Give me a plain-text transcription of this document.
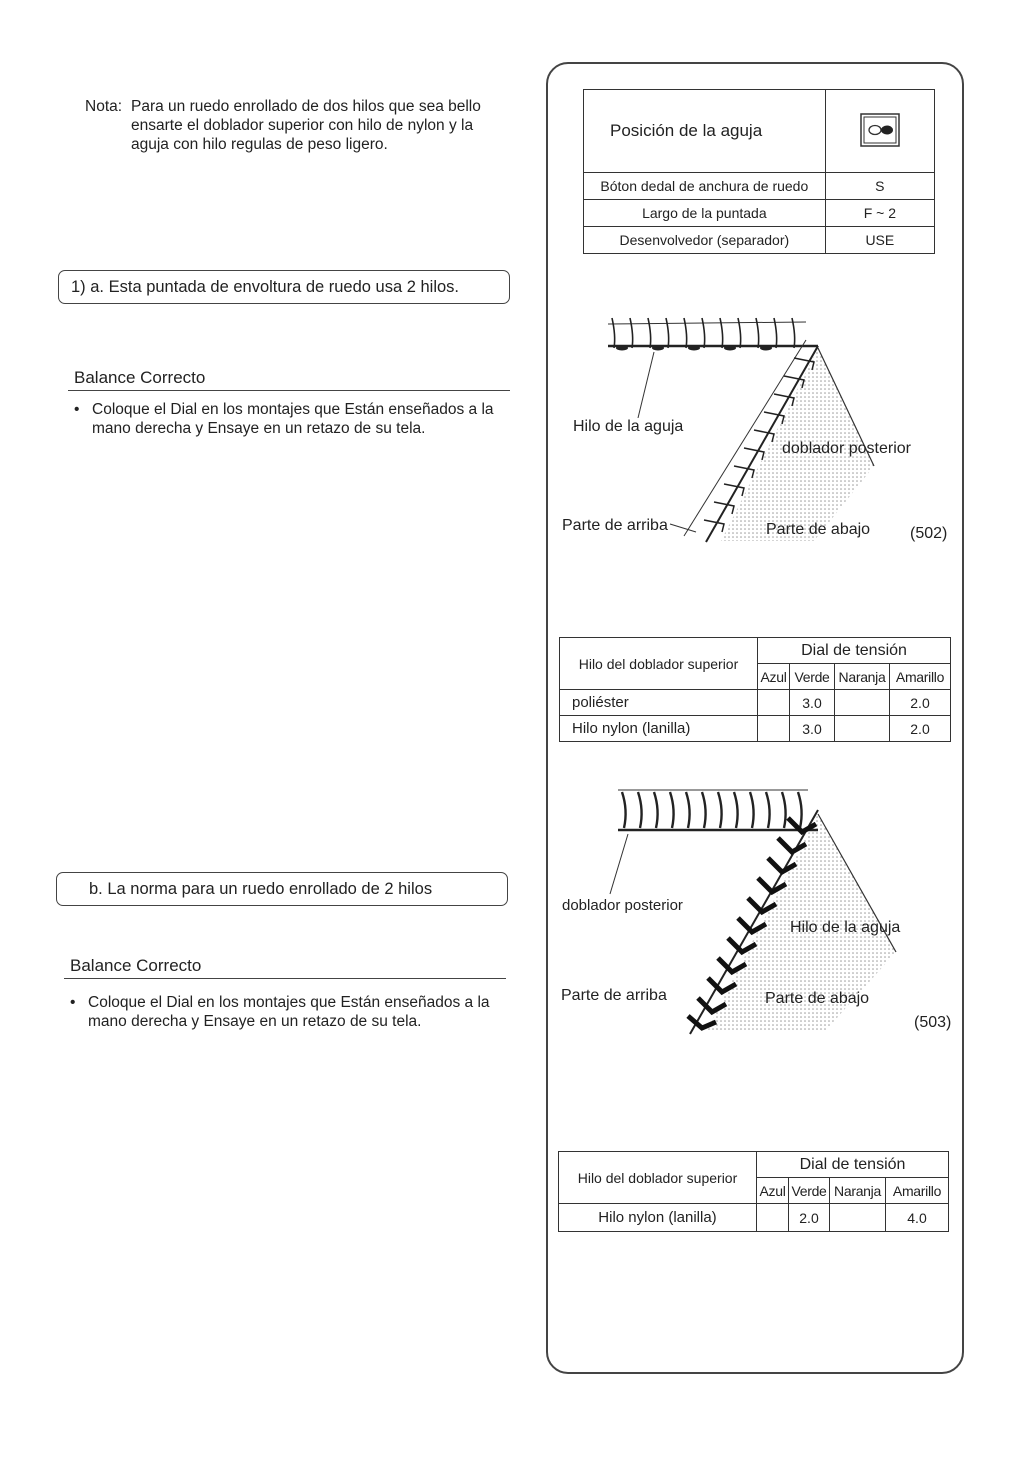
Nota: Para un ruedo enrollado de dos hilos que sea bello
ensarte el doblador superior con hilo de nylon y la
aguja con hilo regulas de peso ligero.
1) a. Esta puntada de envoltura de ruedo usa 2 hilos.
Balance Correcto
• Coloque el Dial en los montajes que Están enseñados a la
mano derecha y Ensaye en un retazo de su tela.
b. La norma para un ruedo enrollado de 2 hilos
Balance Correcto
• Coloque el Dial en los montajes que Están enseñados a la
mano derecha y Ensaye en un retazo de su tela.
Posición de la aguja	
Bóton dedal de anchura de ruedo	S
Largo de la puntada	F ~ 2
Desenvolvedor (separador)	USE
Hilo de la aguja
doblador posterior
Parte de arriba	Parte de abajo (502)
Hilo del doblador superior	Dial de tensión			
	Azul	Verde	Naranja	Amarillo
poliéster		3.0		2.0
Hilo nylon (lanilla)		3.0		2.0
doblador posterior
Hilo de la aguja
Parte de arriba	Parte de abajo
(503)
Hilo del doblador superior	Dial de tensión			
	Azul	Verde	Naranja	Amarillo
Hilo nylon (lanilla)		2.0		4.0
